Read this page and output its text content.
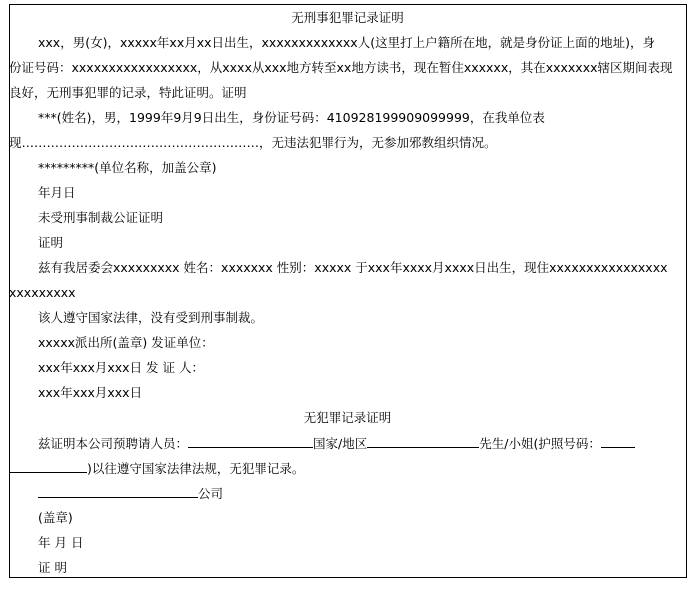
无刑事犯罪记录证明
xxx，男(女)，xxxxx年xx月xx日出生，xxxxxxxxxxxxx人(这里打上户籍所在地，就是身份证上面的地址)，身
份证号码：xxxxxxxxxxxxxxxxx，从xxxx从xxx地方转至xx地方读书，现在暂住xxxxxx，其在xxxxxxx辖区期间表现
良好，无刑事犯罪的记录，特此证明。证明
***(姓名)，男，1999年9月9日出生，身份证号码：410928199909099999，在我单位表
现…………………………………………………，无违法犯罪行为，无参加邪教组织情况。
*********(单位名称，加盖公章)
年月日
未受刑事制裁公证证明
证明
兹有我居委会xxxxxxxxx 姓名：xxxxxxx 性别：xxxxx 于xxx年xxxx月xxxx日出生，现住xxxxxxxxxxxxxxxx
xxxxxxxxx
该人遵守国家法律，没有受到刑事制裁。
xxxxx派出所(盖章) 发证单位：
xxx年xxx月xxx日 发 证 人：
xxx年xxx月xxx日
无犯罪记录证明
兹证明本公司预聘请人员：	国家/地区	先生/小姐(护照号码：
)以往遵守国家法律法规，无犯罪记录。
公司
(盖章)
年 月 日
证 明
